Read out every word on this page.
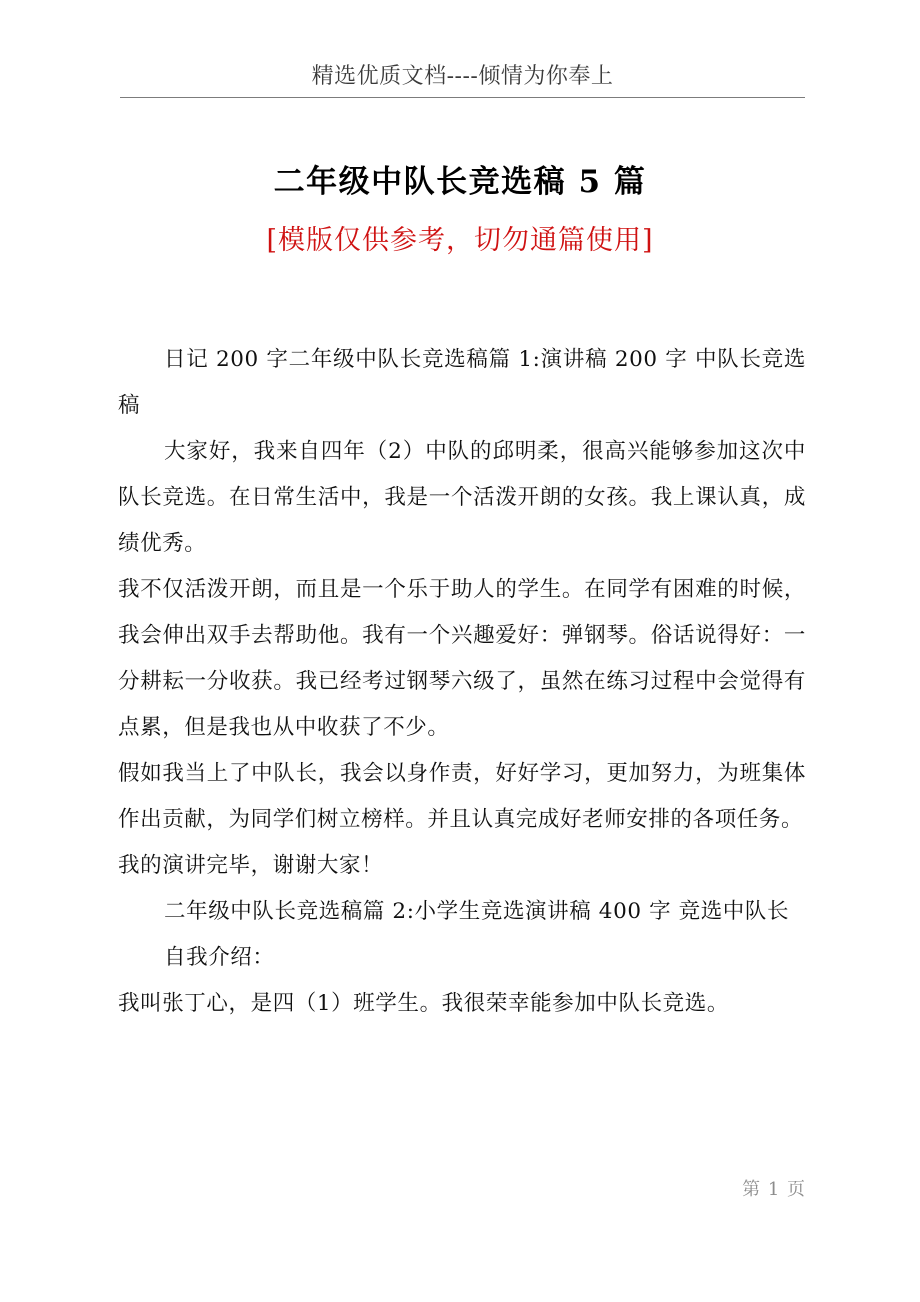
精选优质文档----倾情为你奉上
二年级中队长竞选稿 5 篇
[模版仅供参考，切勿通篇使用]

日记 200 字二年级中队长竞选稿篇 1:演讲稿 200 字 中队长竞选稿

大家好，我来自四年（2）中队的邱明柔，很高兴能够参加这次中队长竞选。在日常生活中，我是一个活泼开朗的女孩。我上课认真，成绩优秀。

我不仅活泼开朗，而且是一个乐于助人的学生。在同学有困难的时候，我会伸出双手去帮助他。我有一个兴趣爱好：弹钢琴。俗话说得好：一分耕耘一分收获。我已经考过钢琴六级了，虽然在练习过程中会觉得有点累，但是我也从中收获了不少。

假如我当上了中队长，我会以身作责，好好学习，更加努力，为班集体作出贡献，为同学们树立榜样。并且认真完成好老师安排的各项任务。

我的演讲完毕，谢谢大家！

二年级中队长竞选稿篇 2:小学生竞选演讲稿 400 字 竞选中队长

自我介绍：

我叫张丁心，是四（1）班学生。我很荣幸能参加中队长竞选。

第 1 页
